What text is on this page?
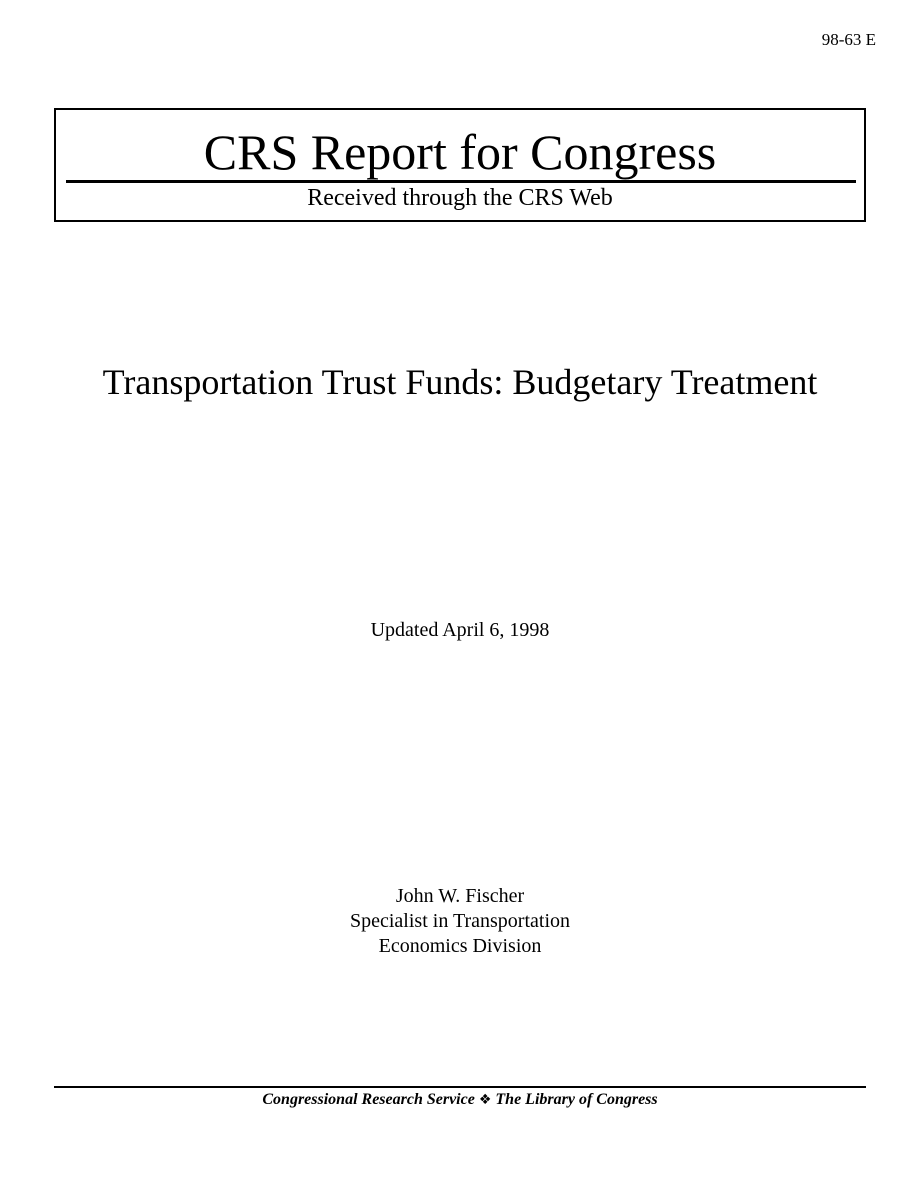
98-63 E
CRS Report for Congress
Received through the CRS Web
Transportation Trust Funds: Budgetary Treatment
Updated April 6, 1998
John W. Fischer
Specialist in Transportation
Economics Division
Congressional Research Service ❖ The Library of Congress
